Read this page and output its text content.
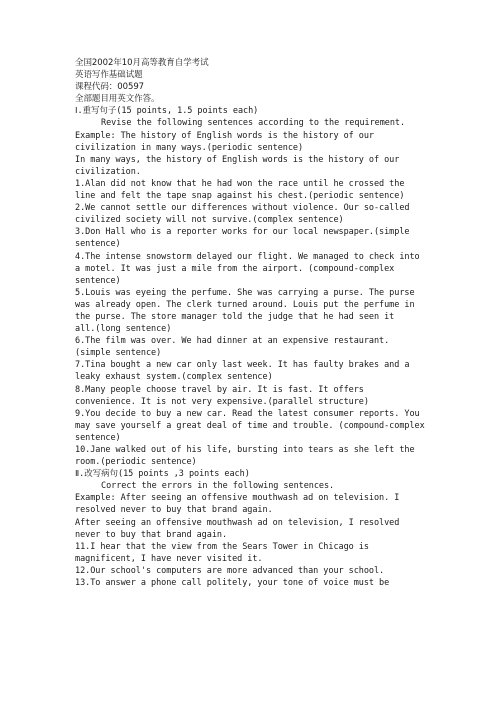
全国2002年10月高等教育自学考试
英语写作基础试题
课程代码：00597
全部题目用英文作答。
Ⅰ.重写句子(15 points, 1.5 points each)
Revise the following sentences according to the requirement.
Example: The history of English words is the history of our
civilization in many ways.(periodic sentence)
In many ways, the history of English words is the history of our
civilization.
1.Alan did not know that he had won the race until he crossed the
line and felt the tape snap against his chest.(periodic sentence)
2.We cannot settle our differences without violence. Our so-called
civilized society will not survive.(complex sentence)
3.Don Hall who is a reporter works for our local newspaper.(simple
sentence)
4.The intense snowstorm delayed our flight. We managed to check into
a motel. It was just a mile from the airport. (compound-complex
sentence)
5.Louis was eyeing the perfume. She was carrying a purse. The purse
was already open. The clerk turned around. Louis put the perfume in
the purse. The store manager told the judge that he had seen it
all.(long sentence)
6.The film was over. We had dinner at an expensive restaurant.
(simple sentence)
7.Tina bought a new car only last week. It has faulty brakes and a
leaky exhaust system.(complex sentence)
8.Many people choose travel by air. It is fast. It offers
convenience. It is not very expensive.(parallel structure)
9.You decide to buy a new car. Read the latest consumer reports. You
may save yourself a great deal of time and trouble. (compound-complex
sentence)
10.Jane walked out of his life, bursting into tears as she left the
room.(periodic sentence)
Ⅱ.改写病句(15 points ,3 points each)
Correct the errors in the following sentences.
Example: After seeing an offensive mouthwash ad on television. I
resolved never to buy that brand again.
After seeing an offensive mouthwash ad on television, I resolved
never to buy that brand again.
11.I hear that the view from the Sears Tower in Chicago is
magnificent, I have never visited it.
12.Our school's computers are more advanced than your school.
13.To answer a phone call politely, your tone of voice must be
